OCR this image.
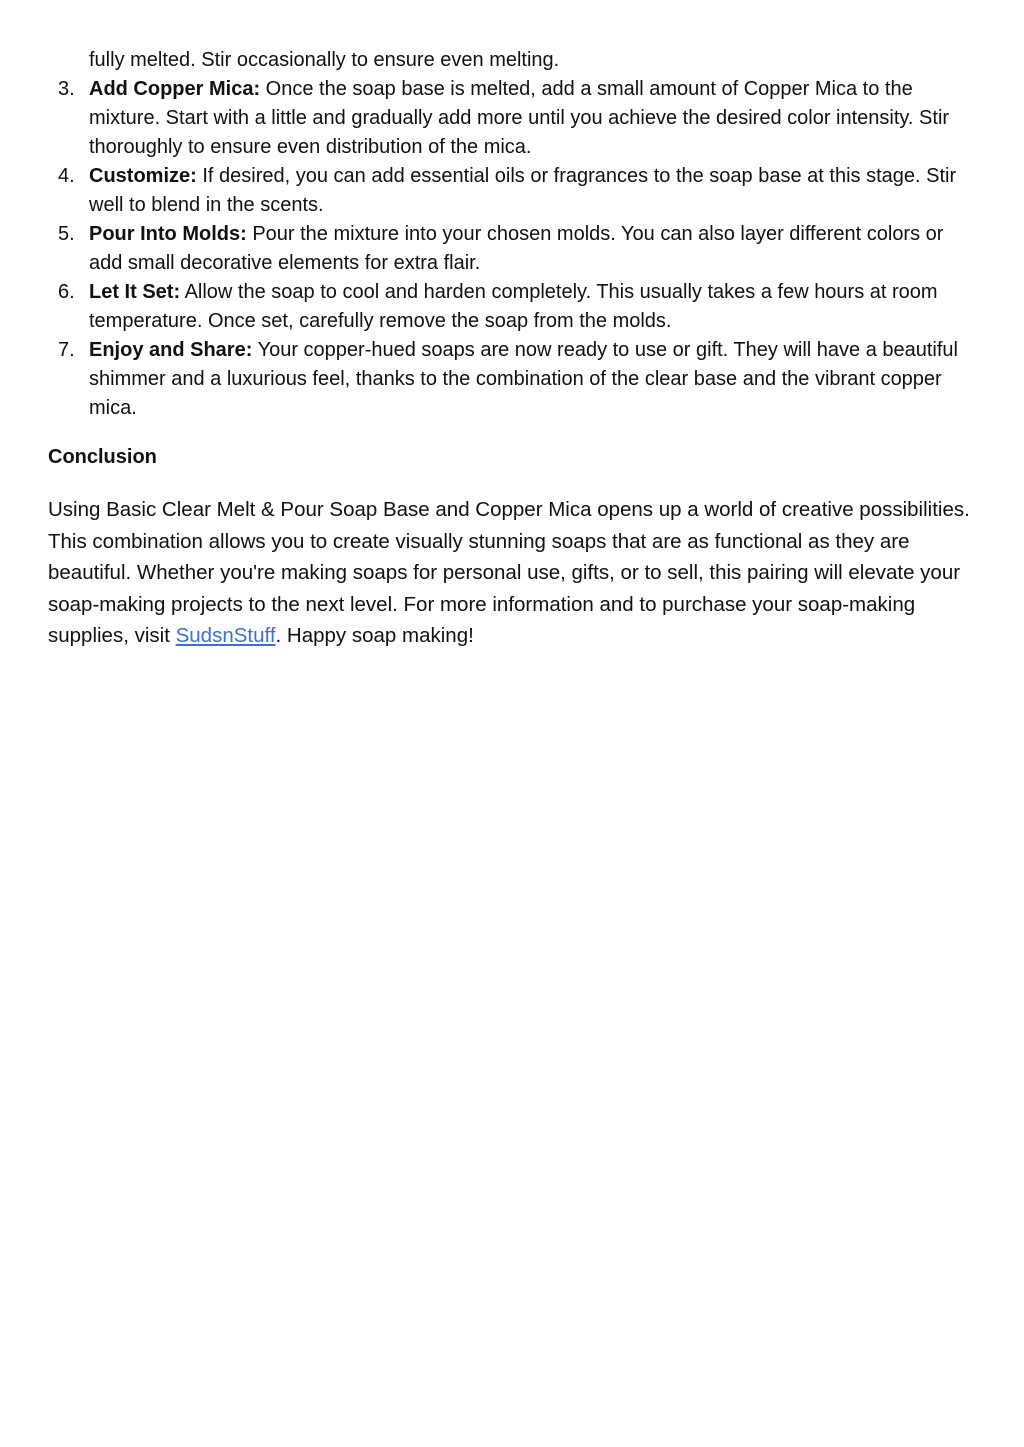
fully melted. Stir occasionally to ensure even melting.

3. Add Copper Mica: Once the soap base is melted, add a small amount of Copper Mica to the mixture. Start with a little and gradually add more until you achieve the desired color intensity. Stir thoroughly to ensure even distribution of the mica.
4. Customize: If desired, you can add essential oils or fragrances to the soap base at this stage. Stir well to blend in the scents.
5. Pour Into Molds: Pour the mixture into your chosen molds. You can also layer different colors or add small decorative elements for extra flair.
6. Let It Set: Allow the soap to cool and harden completely. This usually takes a few hours at room temperature. Once set, carefully remove the soap from the molds.
7. Enjoy and Share: Your copper-hued soaps are now ready to use or gift. They will have a beautiful shimmer and a luxurious feel, thanks to the combination of the clear base and the vibrant copper mica.
Conclusion

Using Basic Clear Melt & Pour Soap Base and Copper Mica opens up a world of creative possibilities. This combination allows you to create visually stunning soaps that are as functional as they are beautiful. Whether you're making soaps for personal use, gifts, or to sell, this pairing will elevate your soap-making projects to the next level. For more information and to purchase your soap-making supplies, visit SudsnStuff. Happy soap making!
